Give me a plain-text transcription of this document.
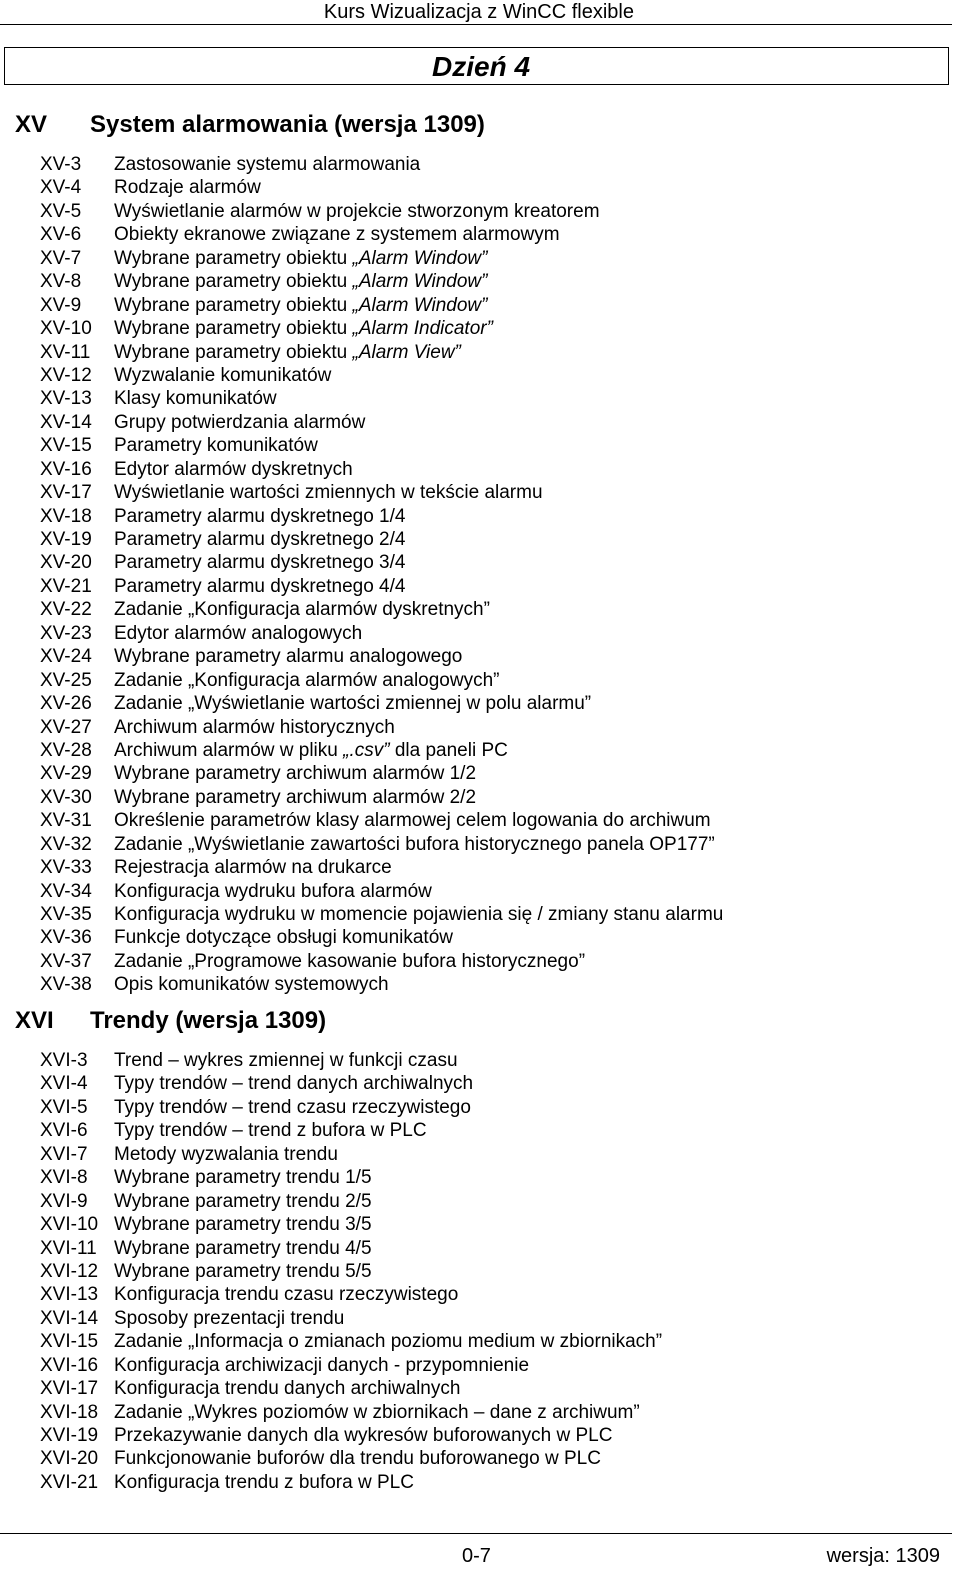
Kurs Wizualizacja z WinCC flexible
Dzień 4
XV System alarmowania (wersja 1309)
XV-3 Zastosowanie systemu alarmowania
XV-4 Rodzaje alarmów
XV-5 Wyświetlanie alarmów w projekcie stworzonym kreatorem
XV-6 Obiekty ekranowe związane z systemem alarmowym
XV-7 Wybrane parametry obiektu „Alarm Window”
XV-8 Wybrane parametry obiektu „Alarm Window”
XV-9 Wybrane parametry obiektu „Alarm Window”
XV-10 Wybrane parametry obiektu „Alarm Indicator”
XV-11 Wybrane parametry obiektu „Alarm View”
XV-12 Wyzwalanie komunikatów
XV-13 Klasy komunikatów
XV-14 Grupy potwierdzania alarmów
XV-15 Parametry komunikatów
XV-16 Edytor alarmów dyskretnych
XV-17 Wyświetlanie wartości zmiennych w tekście alarmu
XV-18 Parametry alarmu dyskretnego 1/4
XV-19 Parametry alarmu dyskretnego 2/4
XV-20 Parametry alarmu dyskretnego 3/4
XV-21 Parametry alarmu dyskretnego 4/4
XV-22 Zadanie „Konfiguracja alarmów dyskretnych”
XV-23 Edytor alarmów analogowych
XV-24 Wybrane parametry alarmu analogowego
XV-25 Zadanie „Konfiguracja alarmów analogowych”
XV-26 Zadanie „Wyświetlanie wartości zmiennej w polu alarmu”
XV-27 Archiwum alarmów historycznych
XV-28 Archiwum alarmów w pliku „.csv” dla paneli PC
XV-29 Wybrane parametry archiwum alarmów 1/2
XV-30 Wybrane parametry archiwum alarmów 2/2
XV-31 Określenie parametrów klasy alarmowej celem logowania do archiwum
XV-32 Zadanie „Wyświetlanie zawartości bufora historycznego panela OP177”
XV-33 Rejestracja alarmów na drukarce
XV-34 Konfiguracja wydruku bufora alarmów
XV-35 Konfiguracja wydruku w momencie pojawienia się / zmiany stanu alarmu
XV-36 Funkcje dotyczące obsługi komunikatów
XV-37 Zadanie „Programowe kasowanie bufora historycznego”
XV-38 Opis komunikatów systemowych
XVI Trendy (wersja 1309)
XVI-3 Trend – wykres zmiennej w funkcji czasu
XVI-4 Typy trendów – trend danych archiwalnych
XVI-5 Typy trendów – trend czasu rzeczywistego
XVI-6 Typy trendów – trend z bufora w PLC
XVI-7 Metody wyzwalania trendu
XVI-8 Wybrane parametry trendu 1/5
XVI-9 Wybrane parametry trendu 2/5
XVI-10 Wybrane parametry trendu 3/5
XVI-11 Wybrane parametry trendu 4/5
XVI-12 Wybrane parametry trendu 5/5
XVI-13 Konfiguracja trendu czasu rzeczywistego
XVI-14 Sposoby prezentacji trendu
XVI-15 Zadanie „Informacja o zmianach poziomu medium w zbiornikach”
XVI-16 Konfiguracja archiwizacji danych - przypomnienie
XVI-17 Konfiguracja trendu danych archiwalnych
XVI-18 Zadanie „Wykres poziomów w zbiornikach – dane z archiwum”
XVI-19 Przekazywanie danych dla wykresów buforowanych w PLC
XVI-20 Funkcjonowanie buforów dla trendu buforowanego w PLC
XVI-21 Konfiguracja trendu z bufora w PLC
0-7	wersja: 1309
